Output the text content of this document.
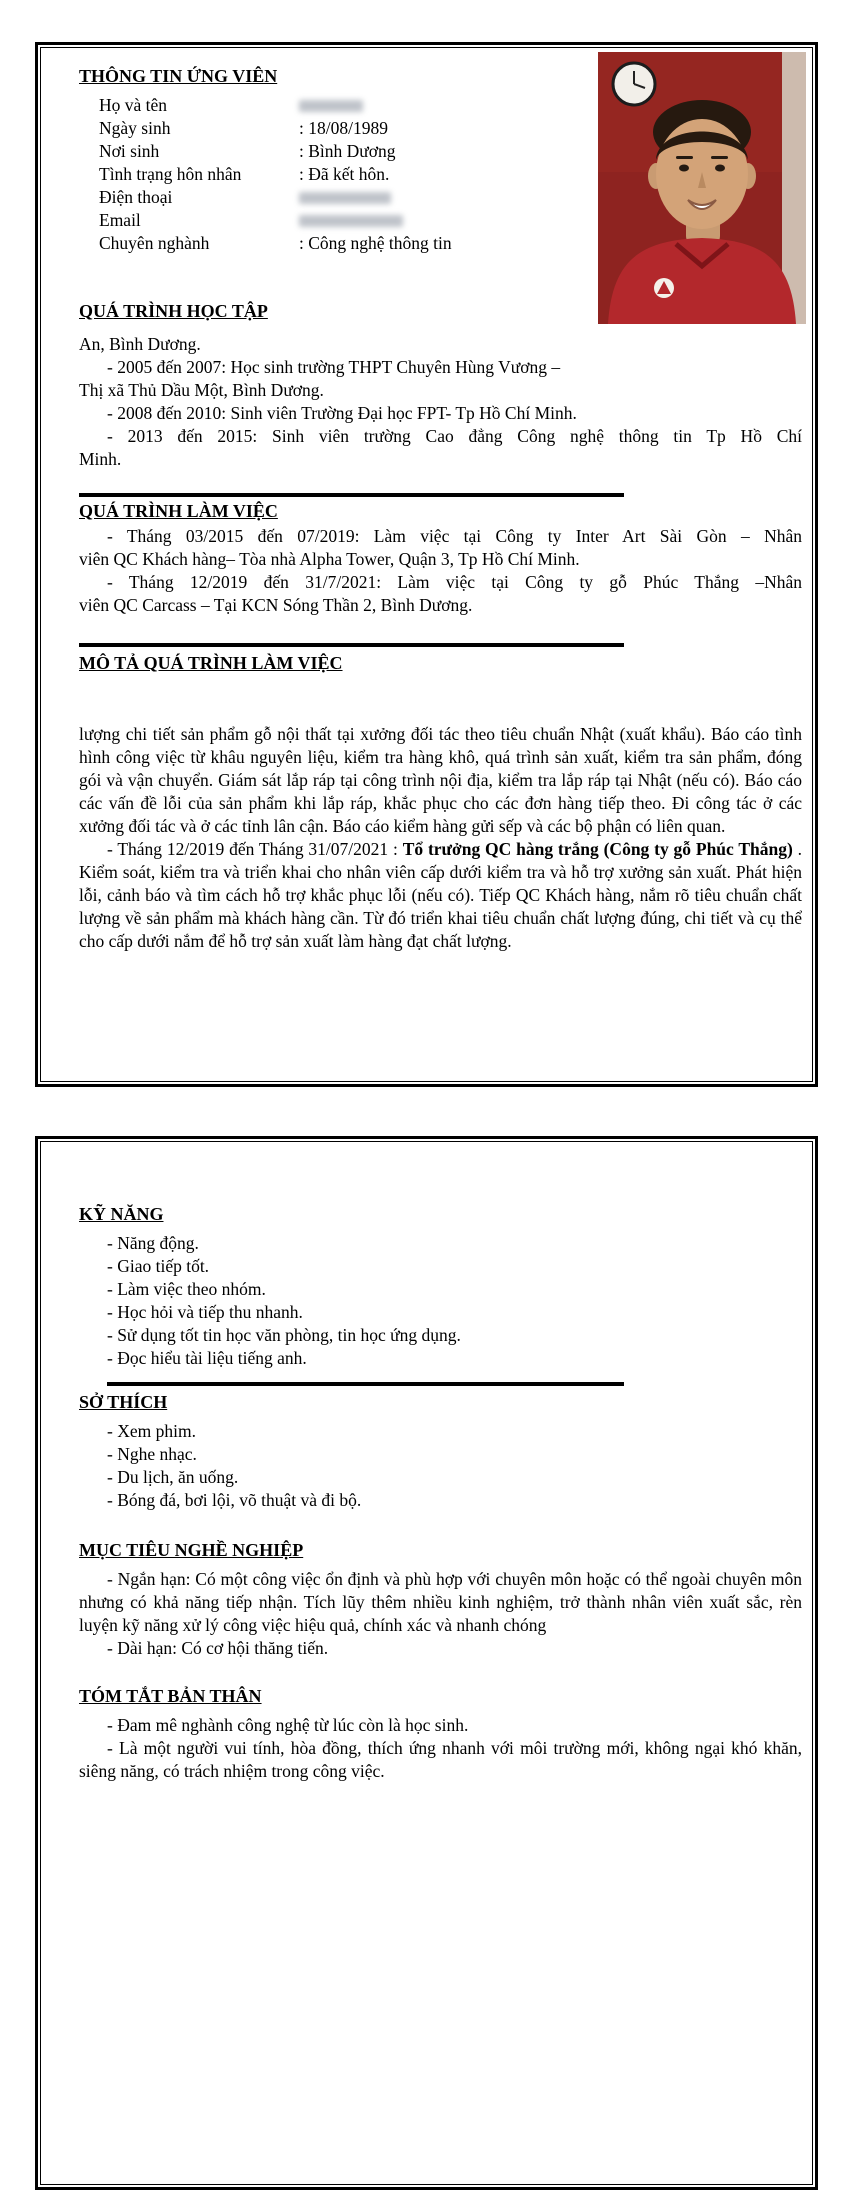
THÔNG TIN ỨNG VIÊN
Họ và tên
Ngày sinh	: 18/08/1989
Nơi sinh	: Bình Dương
Tình trạng hôn nhân	: Đã kết hôn.
Điện thoại
Email
Chuyên nghành	: Công nghệ thông tin
QUÁ TRÌNH HỌC TẬP
An, Bình Dương.
- 2005 đến 2007: Học sinh trường THPT Chuyên Hùng Vương –
Thị xã Thủ Dầu Một, Bình Dương.
- 2008 đến 2010: Sinh viên Trường Đại học FPT- Tp Hồ Chí Minh.
- 2013 đến 2015: Sinh viên trường Cao đẳng Công nghệ thông tin Tp Hồ Chí
Minh.
QUÁ TRÌNH LÀM VIỆC
- Tháng 03/2015 đến 07/2019: Làm việc tại Công ty Inter Art Sài Gòn – Nhân
viên QC Khách hàng– Tòa nhà Alpha Tower, Quận 3, Tp Hồ Chí Minh.
- Tháng 12/2019 đến 31/7/2021: Làm việc tại Công ty gỗ Phúc Thắng –Nhân
viên QC Carcass – Tại KCN Sóng Thần 2, Bình Dương.
MÔ TẢ QUÁ TRÌNH LÀM VIỆC

lượng chi tiết sản phẩm gỗ nội thất tại xưởng đối tác theo tiêu chuẩn Nhật (xuất khẩu). Báo cáo tình hình công việc từ khâu nguyên liệu, kiểm tra hàng khô, quá trình sản xuất, kiểm tra sản phẩm, đóng gói và vận chuyển. Giám sát lắp ráp tại công trình nội địa, kiểm tra lắp ráp tại Nhật (nếu có). Báo cáo các vấn đề lỗi của sản phẩm khi lắp ráp, khắc phục cho các đơn hàng tiếp theo. Đi công tác ở các xưởng đối tác và ở các tỉnh lân cận. Báo cáo kiểm hàng gửi sếp và các bộ phận có liên quan.

- Tháng 12/2019 đến Tháng 31/07/2021 : Tổ trưởng QC hàng trắng (Công ty gỗ Phúc Thắng) . Kiểm soát, kiểm tra và triển khai cho nhân viên cấp dưới kiểm tra và hỗ trợ xưởng sản xuất. Phát hiện lỗi, cảnh báo và tìm cách hỗ trợ khắc phục lỗi (nếu có). Tiếp QC Khách hàng, nắm rõ tiêu chuẩn chất lượng về sản phẩm mà khách hàng cần. Từ đó triển khai tiêu chuẩn chất lượng đúng, chi tiết và cụ thể cho cấp dưới nắm để hỗ trợ sản xuất làm hàng đạt chất lượng.

KỸ NĂNG
- Năng động.
- Giao tiếp tốt.
- Làm việc theo nhóm.
- Học hỏi và tiếp thu nhanh.
- Sử dụng tốt tin học văn phòng, tin học ứng dụng.
- Đọc hiểu tài liệu tiếng anh.
SỞ THÍCH
- Xem phim.
- Nghe nhạc.
- Du lịch, ăn uống.
- Bóng đá, bơi lội, võ thuật và đi bộ.
MỤC TIÊU NGHỀ NGHIỆP

- Ngắn hạn: Có một công việc ổn định và phù hợp với chuyên môn hoặc có thể ngoài chuyên môn nhưng có khả năng tiếp nhận. Tích lũy thêm nhiều kinh nghiệm, trở thành nhân viên xuất sắc, rèn luyện kỹ năng xử lý công việc hiệu quả, chính xác và nhanh chóng

- Dài hạn: Có cơ hội thăng tiến.
TÓM TẮT BẢN THÂN
- Đam mê nghành công nghệ từ lúc còn là học sinh.

- Là một người vui tính, hòa đồng, thích ứng nhanh với môi trường mới, không ngại khó khăn, siêng năng, có trách nhiệm trong công việc.
